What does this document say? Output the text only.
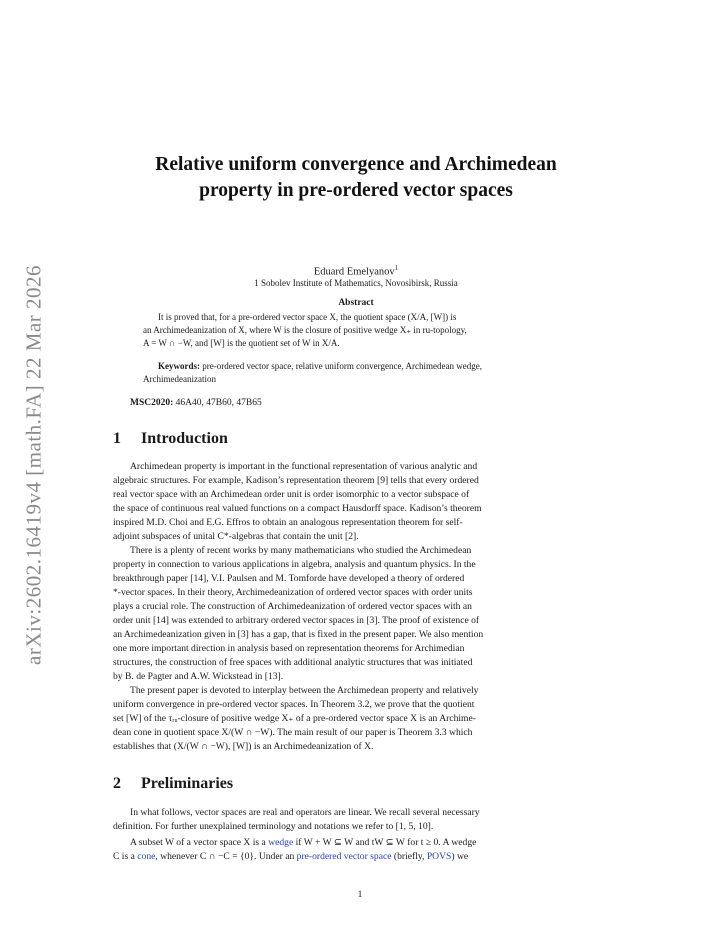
arXiv:2602.16419v4 [math.FA] 22 Mar 2026
Relative uniform convergence and Archimedean
property in pre-ordered vector spaces
Eduard Emelyanov$^1$
1 Sobolev Institute of Mathematics, Novosibirsk, Russia
Abstract
It is proved that, for a pre-ordered vector space X, the quotient space (X/A, [W]) is
an Archimedeanization of X, where W is the closure of positive wedge X₊ in ru-topology,
A = W ∩ −W, and [W] is the quotient set of W in X/A.
Keywords: pre-ordered vector space, relative uniform convergence, Archimedean wedge,
Archimedeanization
MSC2020: 46A40, 47B60, 47B65
1 Introduction
Archimedean property is important in the functional representation of various analytic and
algebraic structures. For example, Kadison’s representation theorem [9] tells that every ordered
real vector space with an Archimedean order unit is order isomorphic to a vector subspace of
the space of continuous real valued functions on a compact Hausdorff space. Kadison’s theorem
inspired M.D. Choi and E.G. Effros to obtain an analogous representation theorem for self-
adjoint subspaces of unital C*-algebras that contain the unit [2].
There is a plenty of recent works by many mathematicians who studied the Archimedean
property in connection to various applications in algebra, analysis and quantum physics. In the
breakthrough paper [14], V.I. Paulsen and M. Tomforde have developed a theory of ordered
*-vector spaces. In their theory, Archimedeanization of ordered vector spaces with order units
plays a crucial role. The construction of Archimedeanization of ordered vector spaces with an
order unit [14] was extended to arbitrary ordered vector spaces in [3]. The proof of existence of
an Archimedeanization given in [3] has a gap, that is fixed in the present paper. We also mention
one more important direction in analysis based on representation theorems for Archimedian
structures, the construction of free spaces with additional analytic structures that was initiated
by B. de Pagter and A.W. Wickstead in [13].
The present paper is devoted to interplay between the Archimedean property and relatively
uniform convergence in pre-ordered vector spaces. In Theorem 3.2, we prove that the quotient
set [W] of the τᵣᵤ-closure of positive wedge X₊ of a pre-ordered vector space X is an Archime-
dean cone in quotient space X/(W ∩ −W). The main result of our paper is Theorem 3.3 which
establishes that (X/(W ∩ −W), [W]) is an Archimedeanization of X.
2 Preliminaries
In what follows, vector spaces are real and operators are linear. We recall several necessary
definition. For further unexplained terminology and notations we refer to [1, 5, 10].
A subset W of a vector space X is a wedge if W + W ⊆ W and tW ⊆ W for t ≥ 0. A wedge
C is a cone, whenever C ∩ −C = {0}. Under an pre-ordered vector space (briefly, POVS) we
1
